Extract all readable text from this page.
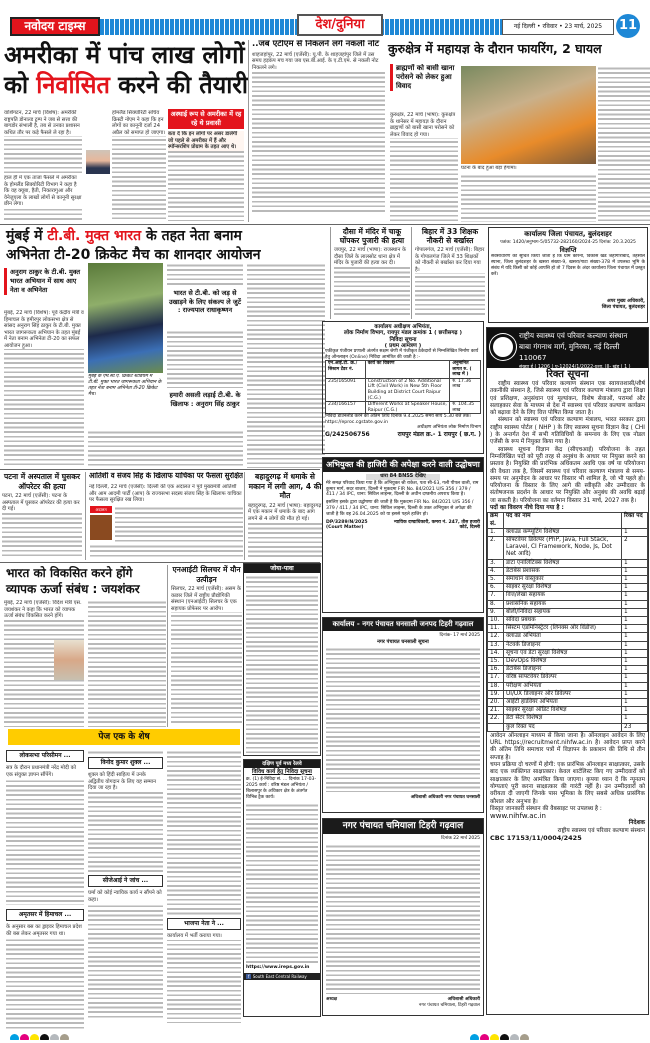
नवोदय टाइम्स	देश/दुनिया	नई दिल्ली • रविवार • 23 मार्च, 2025	11
अमरीका में पांच लाख लोगों
को निर्वासित करने की तैयारी
वाशिंगटन, 22 मार्च (विशेष): अमरीकी राष्ट्रपति डोनाल्ड ट्रम्प ने जब से सत्ता की बागडोर संभाली है, तब से उनका प्रशासन कथित तौर पर कड़े फैसले ले रहा है।
हाल ही में एक ताजा फैसले में अमरीका के होमलैंड सिक्योरिटी विभाग ने कहा है कि वह क्यूबा, हैती, निकारागुआ और वेनेजुएला के लाखों लोगों से कानूनी सुरक्षा छीन लेगा।
होमलैंड सिक्योरिटी सचिव क्रिस्टी नोएम ने कहा कि इन लोगों का कानूनी दर्जा 24 अप्रैल को समाप्त हो जाएगा।
अस्थाई रूप से अमरीका में रह रहे थे प्रवासी
बता दें कि इन लोगों पर असर डालेगी जो पहले से अमरीका में हैं और स्पॉन्सरशिप प्रोग्राम के तहत आए थे।
..जब एटीएम से निकलने लगे नकली नोट
शाहजहांपुर, 22 मार्च (एजेंसी): यू.पी. के शाहजहांपुर जिले में उस समय हड़कंप मच गया जब एस.बी.आई. के ए.टी.एम. से नकली नोट निकलने लगे।
कुरुक्षेत्र में महायज्ञ के दौरान फायरिंग, 2 घायल
ब्राह्मणों को बासी खाना परोसने को लेकर हुआ विवाद
कुरुक्षेत्र, 22 मार्च (भाषा): कुरुक्षेत्र के थानेसर में महायज्ञ के दौरान ब्राह्मणों को बासी खाना परोसने को लेकर विवाद हो गया।
घटना के बाद हुआ बड़ा हंगामा।
मुंबई में टी.बी. मुक्त भारत के तहत नेता बनाम
अभिनेता टी-20 क्रिकेट मैच का शानदार आयोजन
अनुराग ठाकुर के टी.बी. मुक्त भारत अभियान में साथ आए नेता व अभिनेता
मुंबई, 22 मार्च (विशेष): पूर्व केंद्रीय मंत्री व हिमाचल के हमीरपुर लोकसभा क्षेत्र से सांसद अनुराग सिंह ठाकुर के टी.बी. मुक्त भारत जागरूकता अभियान के तहत मुंबई में नेता बनाम अभिनेता टी-20 का सफल आयोजन हुआ।
मुंबई के एम.सी.ए. क्रिकेट स्टेडियम में टी.बी. मुक्त भारत जागरूकता अभियान के तहत नेता बनाम अभिनेता टी-20 क्रिकेट मैच।
भारत से टी.बी. को जड़ से उखाड़ने के लिए संकल्प ले जुटें : राज्यपाल राधाकृष्णन
हमारी असली लड़ाई टी.बी. के खिलाफ : अनुराग सिंह ठाकुर
दौसा में मंदिर में चाकू घोंपकर पुजारी की हत्या
जयपुर, 22 मार्च (भाषा): राजस्थान के दौसा जिले के लालसोट थाना क्षेत्र में मंदिर के पुजारी की हत्या कर दी।
बिहार में 33 शिक्षक नौकरी से बर्खास्त
गोपालगंज, 22 मार्च (एजेंसी): बिहार के गोपालगंज जिले में 33 शिक्षकों को नौकरी से बर्खास्त कर दिया गया है।
कार्यालय जिला पंचायत, बुलंदशहर
पत्रांक: 1420/अनुभाग-5/05732-282160/2024-25 दिनांक: 20.3.2025
विज्ञप्ति
सर्वसाधारण को सूचित किया जाता है कि ग्राम कौरना, विकास खंड जहांगीराबाद, तहसील स्याना, जिला बुलंदशहर के खसरा संख्या-9, खसरा/गाटा संख्या-378 में उपलब्ध भूमि के संबंध में यदि किसी को कोई आपत्ति हो तो 7 दिवस के अंदर कार्यालय जिला पंचायत में प्रस्तुत करें।
अपर मुख्य अधिकारी,
जिला पंचायत, बुलंदशहर
कार्यालय अधीक्षण अभियंता,
लोक निर्माण विभाग, रायपुर मंडल क्रमांक 1 ( छत्तीसगढ़ )
निविदा सूचना
( प्रथम आमंत्रण )
एकीकृत पंजीयन प्रणाली अंतर्गत सक्षम श्रेणी में पंजीकृत ठेकेदारों से निम्नलिखित निर्माण कार्य हेतु ऑनलाइन (Online) निविदा आमंत्रित की जाती है :-
एन.आई.टी. क्र./ सिस्टम टेंडर नं.	कार्य का विवरण	अनुमानित लागत रु. ( लाख में )
235/165091	Construction of 2 No. Additional Lift (Civil Work) in New 5th Floor Building at District Court Raipur (C.G.)	रु. 17.36 लाख
234/166157	Different Works at Speaker House, Raipur (C.G.)	रु. 104.35 लाख
निविदा डाउनलोड करने की अंतिम तिथि दिनांक 9.4.2025 समय सायं 5.30 बजे तक। https://eproc.cgstate.gov.in
अधीक्षण अभियंता लोक निर्माण विभाग
G/242506756	रायपुर मंडल क्र.- 1 रायपुर ( छ.ग. )
अभियुक्त की हाजिरी की अपेक्षा करने वाली उद्घोषणा
धारा 84 BNSS देखिए
मेरे समक्ष परिवाद किया गया है कि अभियुक्त श्री राकेश, पता सी-63, गली पीपल वाली, राम कुमार मार्ग, सदर बाजार, दिल्ली ने मुकदमा FIR No. 84/2021 U/S 356 / 379 / 411 / 34 IPC, थाना: सिविल लाइन्स, दिल्ली के अधीन दण्डनीय अपराध किया है।
इसलिए इसके द्वारा उद्घोषणा की जाती है कि मुकदमा FIR No. 84/2021 U/S 356 / 379 / 411 / 34 IPC, थाना: सिविल लाइन्स, दिल्ली के उक्त अभियुक्त से अपेक्षा की जाती है कि वह 26.04.2025 को या इससे पहले हाजिर हो।
DP/3289/N/2025
(Court Matter)
न्यायिक दण्डाधिकारी, कमरा नं. 247, तीस हजारी कोर्ट, दिल्ली
कार्यालय - नगर पंचायत घनसाली जनपद टिहरी गढ़वाल
दिनांक- 17 मार्च 2025
नगर पंचायत घनसाली सूचना
अधिशासी अधिकारी नगर पंचायत घनसाली
नगर पंचायत चमियाला टिहरी गढ़वाल
दिनांक 22 मार्च 2025
अध्यक्ष	अधिशासी अधिकारी
नगर पंचायत चमियाला, टिहरी गढ़वाल
राष्ट्रीय स्वास्थ्य एवं परिवार कल्याण संस्थान
बाबा गंगनाथ मार्ग, मुनिरका, नई दिल्ली 110067
संख्या ई ( 1206 ) ए-12024/1/2022-प्रशा. III- खंड ( 1 )
रिक्त सूचना

राष्ट्रीय स्वास्थ्य एवं परिवार कल्याण संस्थान एक स्वायत्तशासी/शीर्ष तकनीकी संस्थान है, जिसे स्वास्थ्य एवं परिवार कल्याण मंत्रालय द्वारा शिक्षा एवं प्रशिक्षण, अनुसंधान एवं मूल्यांकन, विशेष सेवाओं, परामर्श और सलाहकार सेवा के माध्यम से देश में स्वास्थ्य एवं परिवार कल्याण कार्यक्रम को बढ़ावा देने के लिए वित्त पोषित किया जाता है।

संस्थान को स्वास्थ्य एवं परिवार कल्याण मंत्रालय, भारत सरकार द्वारा राष्ट्रीय स्वास्थ्य पोर्टल ( NHP ) के लिए स्वास्थ्य सूचना विज्ञान केंद्र ( CHI ) के अन्तर्गत देश में सभी गतिविधियों के समन्वय के लिए एक नोडल एजेंसी के रूप में नियुक्त किया गया है।

स्वास्थ्य सूचना विज्ञान केंद्र (सीएचआई) परियोजना के तहत निम्नलिखित पदों को पूरी तरह से अनुबंध के आधार पर नियुक्त करने का प्रस्ताव है। नियुक्ति की प्रारंभिक अधिकतम अवधि एक वर्ष या परियोजना की वैधता तक है, जिसमें स्वास्थ्य एवं परिवार कल्याण मंत्रालय से समय-समय पर अनुमोदन के आधार पर विस्तार भी शामिल है, जो भी पहले हो। परियोजना के विस्तार के लिए आगे की स्वीकृति और उम्मीदवार के संतोषजनक प्रदर्शन के आधार पर नियुक्ति और अनुबंध की अवधि बढ़ाई जा सकती है। परियोजना का वर्तमान विस्तार 31 मार्च, 2027 तक है।

पदों का विवरण नीचे दिया गया है :

क्रम सं.	पद का नाम	रिक्त पद
1.	क्लाउड कम्प्यूटिंग विशेषज्ञ	1
2.	सॉफ्टवेयर डिवेल्पर (PhP, Java, Full Stack, Laravel, CI Framework, Node, Js, Dot Net आदि)	2
3.	डाटा एनालिटिक्स विशेषज्ञ	1
4.	डेटाबेस प्रशासक	1
5.	समाधान वास्तुकार	1
6.	साइबर सुरक्षा विशेषज्ञ	1
7.	वित्त/लेखा सहायक	1
8.	प्रशासनिक सहायक	1
9.	बोली/निविदा सहायक	1
10.	संविदा प्रबंधक	1
11.	सिस्टम एडमिनिस्ट्रेटर (लिनक्स और विंडोज)	1
12.	क्लाउड अभियंता	1
13.	नेटवर्क डिजाइनर	1
14.	सूचना एवं डेटा सुरक्षा विशेषज्ञ	1
15.	DevOps विशेषज्ञ	1
16.	डेटाबेस डिजाइनर	1
17.	वरिष्ठ साफ्टवेयर डिवेल्पर	1
18.	परीक्षण अभियंता	1
19.	UI/UX डिजाइनर और डिवेल्पर	1
20.	आईटी हार्डवेयर अभियंता	1
21.	साइबर सुरक्षा ऑडिट विशेषज्ञ	1
22.	डेटा सेंटर विशेषज्ञ	1
	कुल रिक्त पद	23

आवेदन ऑनलाइन माध्यम से किया जाना है। ऑनलाइन आवेदन के लिए URL https://recruitment.nihfw.ac.in है। आवेदन प्राप्त करने की अंतिम तिथि समाचार पत्रों में विज्ञापन के प्रकाशन की तिथि से तीन सप्ताह है।

चयन प्रक्रिया दो चरणों में होगी: एक प्रारंभिक ऑनलाइन साक्षात्कार, उसके बाद एक व्यक्तिगत साक्षात्कार। केवल शार्टलिस्ट किए गए उम्मीदवारों को साक्षात्कार के लिए आमंत्रित किया जाएगा। कृपया ध्यान दें कि न्यूनतम योग्यताएं पूरी करना साक्षात्कार की गारंटी नहीं है। उन उम्मीदवारों को वरीयता दी जाएगी जिनके पास भूमिका के लिए सबसे अधिक प्रासंगिक कौशल और अनुभव है।

विस्तृत जानकारी संस्थान की वैबसाइट पर उपलब्ध है :

www.nihfw.ac.in

निदेशक

राष्ट्रीय स्वास्थ्य एवं परिवार कल्याण संस्थान

CBC 17153/11/0004/2425

पटना में अस्पताल में घुसकर ऑपरेटर की हत्या
पटना, 22 मार्च (एजेंसी): पटना के अस्पताल में घुसकर ऑपरेटर की हत्या कर दी गई।
आतिशी व संजय सिंह के खिलाफ याचिका पर फैसला सुरक्षित
नई दिल्ली, 22 मार्च (एजेंसी): दिल्ली की एक अदालत ने पूर्व मुख्यमंत्री आतिशी और आम आदमी पार्टी (आप) के राज्यसभा सदस्य संजय सिंह के खिलाफ याचिका पर फैसला सुरक्षित रख लिया।
अदालत
बहादुरगढ़ में धमाके से मकान में लगी आग, 4 की मौत
बहादुरगढ़, 22 मार्च (भाषा): बहादुरगढ़ में एक मकान में धमाके के बाद आग लगने से 4 लोगों की मौत हो गई।
भारत को विकसित करने होंगे
व्यापक ऊर्जा संबंध : जयशंकर
मुंबई, 22 मार्च (एजेंसी): विदेश मंत्री एस. जयशंकर ने कहा कि भारत को व्यापक ऊर्जा संबंध विकसित करने होंगे।
एनआईटी सिलचर में यौन उत्पीड़न
सिलचर, 22 मार्च (एजेंसी): असम के कछार जिले में राष्ट्रीय प्रौद्योगिकी संस्थान (एनआईटी) सिलचर के एक सहायक प्रोफेसर पर आरोप।
जोया-पावा
पेज एक के शेष
लोकसभा परिसीमन ...
सत्र के दौरान प्रधानमंत्री नरेंद्र मोदी को एक संयुक्त ज्ञापन सौंपेंगे।
अमृतसर में हिमाचल ...
के अनुसार बस का ड्राइवर हिमाचल प्रदेश की बस लेकर अमृतसर गया था।
विनोद कुमार शुक्ल ...
शुक्ल को हिंदी साहित्य में उनके अद्वितीय योगदान के लिए यह सम्मान दिया जा रहा है।
सीजेआई ने जांच ...
घर्मा को कोई न्यायिक कार्य न सौंपने को कहा।
भाजपा नेता ने ...
कार्यालय में भर्ती कराया गया।
दक्षिण पूर्व मध्य रेलवे
विविध कार्य हेतु निविदा सूचना
क्र. (1) ई-निविदा सं. ... दिनांक 17-03-2025 कार्य : वरिष्ठ मंडल अभियंता / बिलासपुर के अधिकार क्षेत्र के अंतर्गत विभिन्न ट्रैक कार्य।
https://www.ireps.gov.in
f South East Central Railway
